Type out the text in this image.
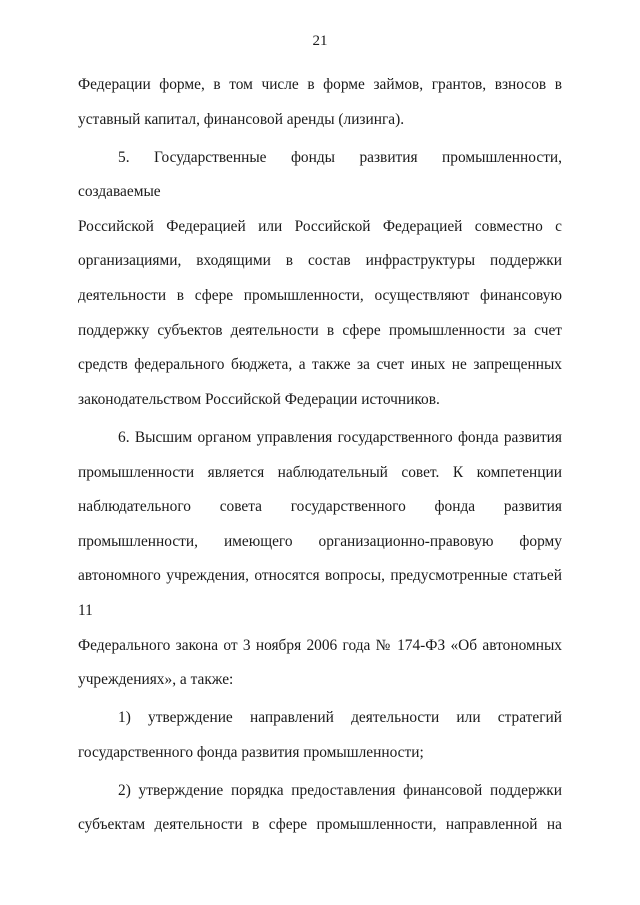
21

Федерации форме, в том числе в форме займов, грантов, взносов в

уставный капитал, финансовой аренды (лизинга).

5. Государственные фонды развития промышленности, создаваемые

Российской Федерацией или Российской Федерацией совместно с

организациями, входящими в состав инфраструктуры поддержки

деятельности в сфере промышленности, осуществляют финансовую

поддержку субъектов деятельности в сфере промышленности за счет

средств федерального бюджета, а также за счет иных не запрещенных

законодательством Российской Федерации источников.

6. Высшим органом управления государственного фонда развития

промышленности является наблюдательный совет. К компетенции

наблюдательного совета государственного фонда развития

промышленности, имеющего организационно-правовую форму

автономного учреждения, относятся вопросы, предусмотренные статьей 11

Федерального закона от 3 ноября 2006 года № 174-ФЗ «Об автономных

учреждениях», а также:

1) утверждение направлений деятельности или стратегий

государственного фонда развития промышленности;

2) утверждение порядка предоставления финансовой поддержки

субъектам деятельности в сфере промышленности, направленной на
